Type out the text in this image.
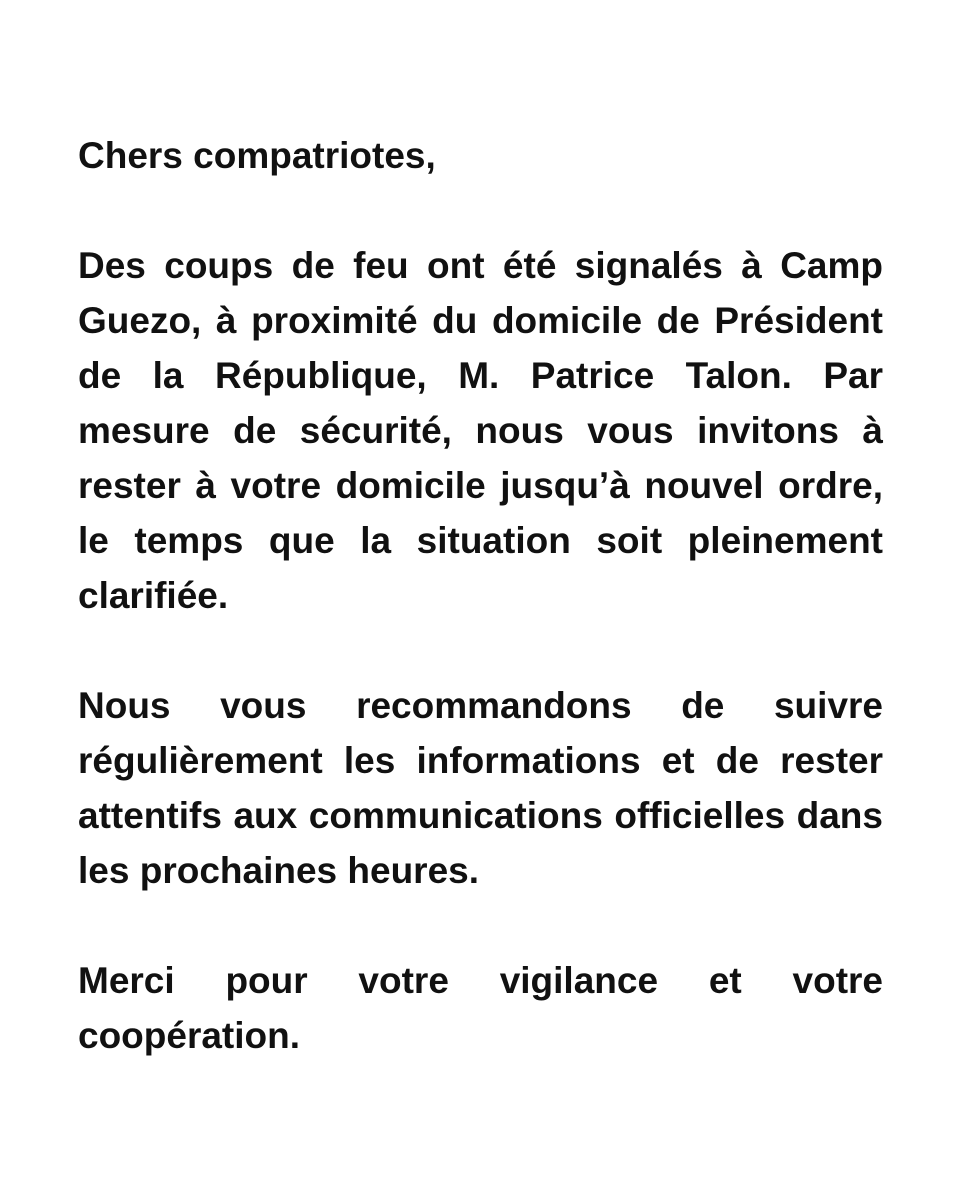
Chers compatriotes,

Des coups de feu ont été signalés à Camp Guezo, à proximité du domicile de Président de la République, M. Patrice Talon. Par mesure de sécurité, nous vous invitons à rester à votre domicile jusqu’à nouvel ordre, le temps que la situation soit pleinement clarifiée.

Nous vous recommandons de suivre régulièrement les informations et de rester attentifs aux communications officielles dans les prochaines heures.

Merci pour votre vigilance et votre coopération.
